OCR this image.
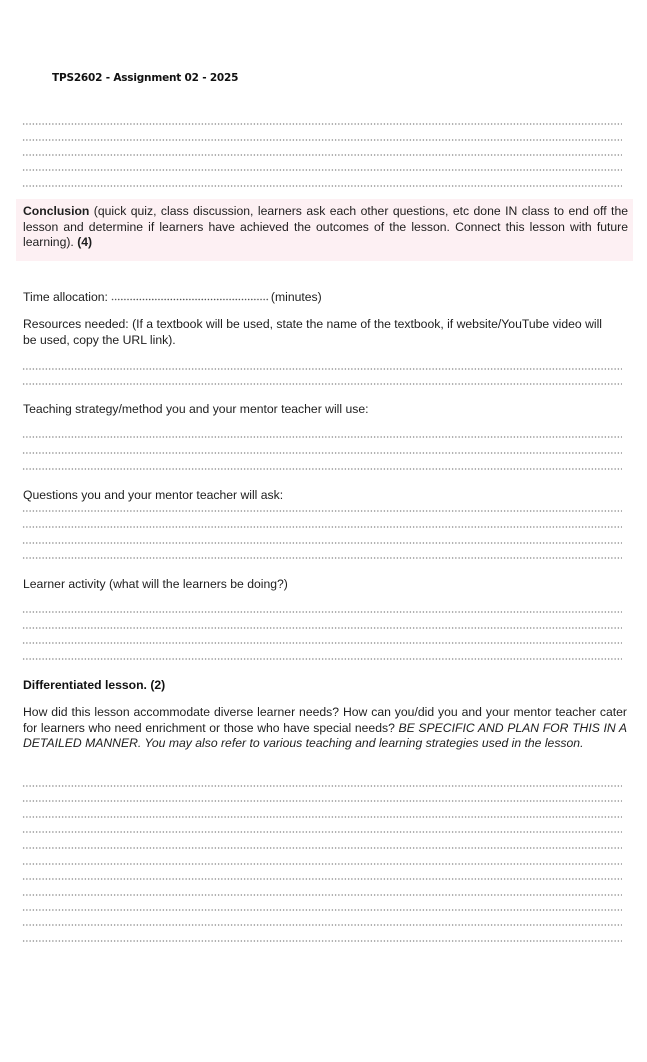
TPS2602 - Assignment 02 - 2025
Conclusion (quick quiz, class discussion, learners ask each other questions, etc done IN class to end off the lesson and determine if learners have achieved the outcomes of the lesson. Connect this lesson with future learning). (4)
Time allocation:	(minutes)
Resources needed: (If a textbook will be used, state the name of the textbook, if website/YouTube video will be used, copy the URL link).
Teaching strategy/method you and your mentor teacher will use:
Questions you and your mentor teacher will ask:
Learner activity (what will the learners be doing?)
Differentiated lesson. (2)
How did this lesson accommodate diverse learner needs? How can you/did you and your mentor teacher cater for learners who need enrichment or those who have special needs? BE SPECIFIC AND PLAN FOR THIS IN A DETAILED MANNER. You may also refer to various teaching and learning strategies used in the lesson.
